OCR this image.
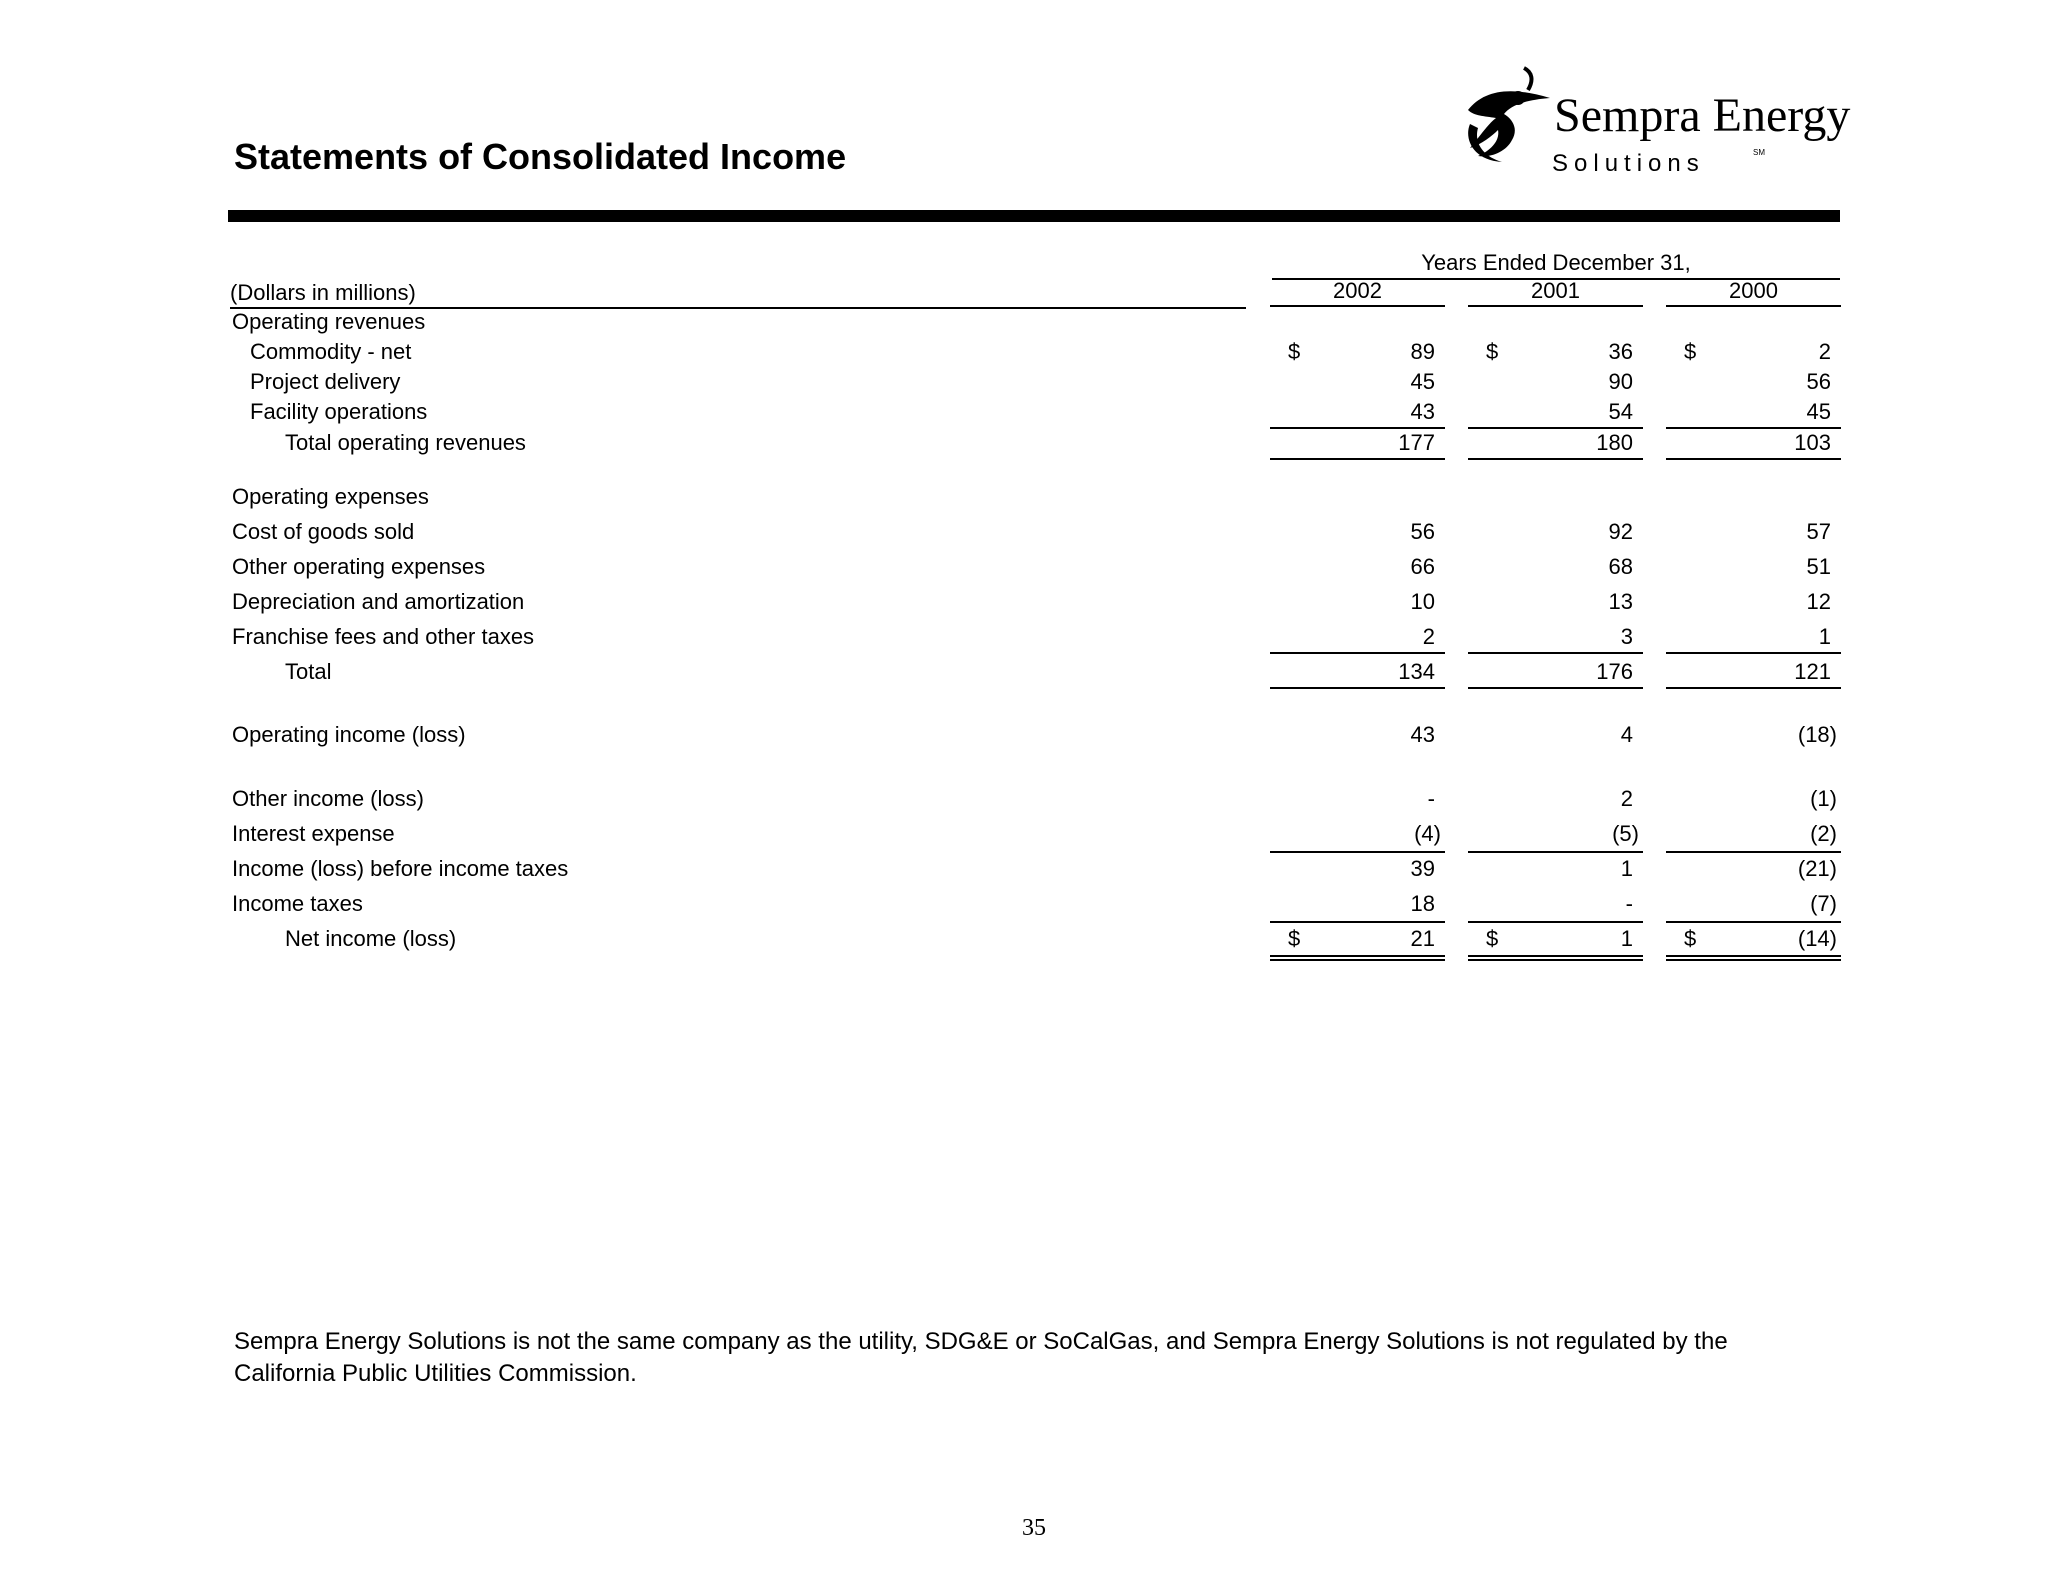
Statements of Consolidated Income
Sempra Energy
Solutions	SM
Years Ended December 31,
(Dollars in millions)	2002	2001	2000
Operating revenues
Commodity - net	$	89 $	36 $	2
Project delivery	45	90	56
Facility operations	43	54	45
Total operating revenues	177	180	103
Operating expenses
Cost of goods sold	56	92	57
Other operating expenses	66	68	51
Depreciation and amortization	10	13	12
Franchise fees and other taxes	2	3	1
Total	134	176	121
Operating income (loss)	43	4	(18)
Other income (loss)	-	2	(1)
Interest expense	(4)	(5)	(2)
Income (loss) before income taxes	39	1	(21)
Income taxes	18	-	(7)
Net income (loss)	$	21 $	1 $	(14)
Sempra Energy Solutions is not the same company as the utility, SDG&E or SoCalGas, and Sempra Energy Solutions is not regulated by the California Public Utilities Commission.
35
